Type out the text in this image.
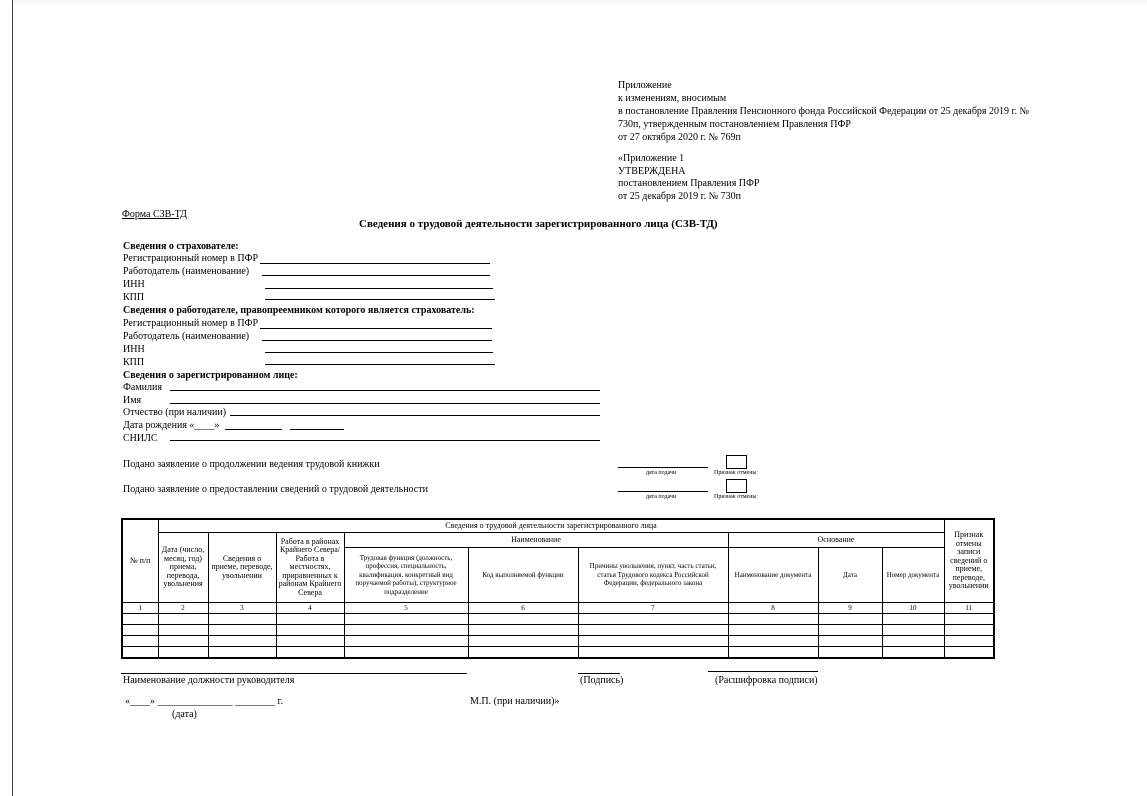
Приложение
к изменениям, вносимым
в постановление Правления Пенсионного фонда Российской Федерации от 25 декабря 2019 г. №
730п, утвержденным постановлением Правления ПФР
от 27 октября 2020 г. № 769п
«Приложение 1
УТВЕРЖДЕНА
постановлением Правления ПФР
от 25 декабря 2019 г. № 730п
Форма СЗВ-ТД
Сведения о трудовой деятельности зарегистрированного лица (СЗВ-ТД)
Сведения о страхователе:
Регистрационный номер в ПФР
Работодатель (наименование)
ИНН
КПП
Сведения о работодателе, правопреемником которого является страхователь:
Регистрационный номер в ПФР
Работодатель (наименование)
ИНН
КПП
Сведения о зарегистрированном лице:
Фамилия
Имя
Отчество (при наличии)
Дата рождения «____»
СНИЛС
Подано заявление о продолжении ведения трудовой книжки
дата подачи	Признак отмены
Подано заявление о предоставлении сведений о трудовой деятельности
дата подачи	Признак отмены
№ п/п	Сведения о трудовой деятельности зарегистрированного лица									Признак отмены записи сведений о приеме, переводе, увольнении
	Дата (число, месяц, год) приема, перевода, увольнения	Сведения о приеме, переводе, увольнении	Работа в районах Крайнего Севера/Работа в местностях, приравненных к районам Крайнего Севера	Наименование			Основание			
				Трудовая функция (должность, профессия, специальность, квалификация, конкретный вид поручаемой работы), структурное подразделение	Код выполняемой функции	Причины увольнения, пункт, часть статьи, статья Трудового кодекса Российской Федерации, федерального закона	Наименование документа	Дата	Номер документа	
1	2	3	4	5	6	7	8	9	10	11

Наименование должности руководителя	(Подпись)	(Расшифровка подписи)
«____» _______________ ________ г.
(дата)
М.П. (при наличии)»
